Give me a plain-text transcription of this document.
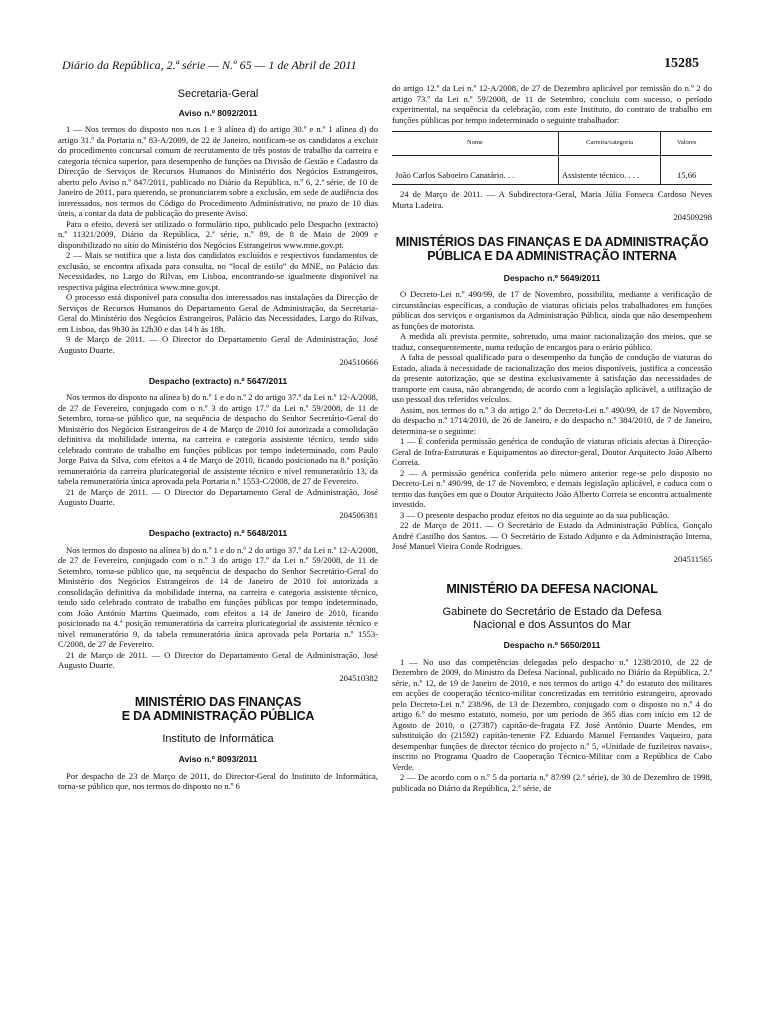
Diário da República, 2.ª série — N.º 65 — 1 de Abril de 2011	15285
Secretaria-Geral
Aviso n.º 8092/2011

1 — Nos termos do disposto nos n.os 1 e 3 alínea d) do artigo 30.º e n.º 1 alínea d) do artigo 31.º da Portaria n.º 83-A/2009, de 22 de Janeiro, notificam-se os candidatos a excluir do procedimento concursal comum de recrutamento de três postos de trabalho da carreira e categoria técnica superior, para desempenho de funções na Divisão de Gestão e Cadastro da Direcção de Serviços de Recursos Humanos do Ministério dos Negócios Estrangeiros, aberto pelo Aviso n.º 847/2011, publicado no Diário da República, n.º 6, 2.ª série, de 10 de Janeiro de 2011, para querendo, se pronunciarem sobre a exclusão, em sede de audiência dos interessados, nos termos do Código do Procedimento Administrativo, no prazo de 10 dias úteis, a contar da data de publicação do presente Aviso.

Para o efeito, deverá ser utilizado o formulário tipo, publicado pelo Despacho (extracto) n.º 11321/2009, Diário da República, 2.ª série, n.º 89, de 8 de Maio de 2009 e disponibilizado no sítio do Ministério dos Negócios Estrangeiros www.mne.gov.pt.

2 — Mais se notifica que a lista dos candidatos excluídos e respectivos fundamentos de exclusão, se encontra afixada para consulta, no “local de estilo” do MNE, no Palácio das Necessidades, no Largo do Rilvas, em Lisboa, encontrando-se igualmente disponível na respectiva página electrónica www.mne.gov.pt.

O processo está disponível para consulta dos interessados nas instalações da Direcção de Serviços de Recursos Humanos do Departamento Geral de Administração, da Secretaria-Geral do Ministério dos Negócios Estrangeiros, Palácio das Necessidades, Largo do Rilvas, em Lisboa, das 9h30 às 12h30 e das 14 h às 18h.

9 de Março de 2011. — O Director do Departamento Geral de Administração, José Augusto Duarte.

204510666
Despacho (extracto) n.º 5647/2011

Nos termos do disposto na alínea b) do n.º 1 e do n.º 2 do artigo 37.º da Lei n.º 12-A/2008, de 27 de Fevereiro, conjugado com o n.º 3 do artigo 17.º da Lei n.º 59/2008, de 11 de Setembro, torna-se público que, na sequência de despacho do Senhor Secretário-Geral do Ministério dos Negócios Estrangeiros de 4 de Março de 2010 foi autorizada a consolidação definitiva da mobilidade interna, na carreira e categoria assistente técnico, tendo sido celebrado contrato de trabalho em funções públicas por tempo indeterminado, com Paulo Jorge Paiva da Silva, com efeitos a 4 de Março de 2010, ficando posicionado na 8.ª posição remuneratória da carreira pluricategorial de assistente técnico e nível remuneratório 13, da tabela remuneratória única aprovada pela Portaria n.º 1553-C/2008, de 27 de Fevereiro.

21 de Março de 2011. — O Director do Departamento Geral de Administração, José Augusto Duarte.

204506381
Despacho (extracto) n.º 5648/2011

Nos termos do disposto na alínea b) do n.º 1 e do n.º 2 do artigo 37.º da Lei n.º 12-A/2008, de 27 de Fevereiro, conjugado com o n.º 3 do artigo 17.º da Lei n.º 59/2008, de 11 de Setembro, torna-se público que, na sequência de despacho do Senhor Secretário-Geral do Ministério dos Negócios Estrangeiros de 14 de Janeiro de 2010 foi autorizada a consolidação definitiva da mobilidade interna, na carreira e categoria assistente técnico, tendo sido celebrado contrato de trabalho em funções públicas por tempo indeterminado, com João António Martins Queimado, com efeitos a 14 de Janeiro de 2010, ficando posicionado na 4.ª posição remuneratória da carreira pluricategorial de assistente técnico e nível remuneratório 9, da tabela remuneratória única aprovada pela Portaria n.º 1553-C/2008, de 27 de Fevereiro.

21 de Março de 2011. — O Director do Departamento Geral de Administração, José Augusto Duarte.

204510382
MINISTÉRIO DAS FINANÇAS
E DA ADMINISTRAÇÃO PÚBLICA
Instituto de Informática
Aviso n.º 8093/2011

Por despacho de 23 de Março de 2011, do Director-Geral do Instituto de Informática, torna-se público que, nos termos do disposto no n.º 6

do artigo 12.º da Lei n.º 12-A/2008, de 27 de Dezembro aplicável por remissão do n.º 2 do artigo 73.º da Lei n.º 59/2008, de 11 de Setembro, concluiu com sucesso, o período experimental, na sequência da celebração, com este Instituto, do contrato de trabalho em funções públicas por tempo indeterminado o seguinte trabalhador:

Nome	Carreira/categoria	Valores
João Carlos Saboeiro Canatário. . .	Assistente técnico. . . .	15,66

24 de Março de 2011. — A Subdirectora-Geral, Maria Júlia Fonseca Cardoso Neves Murta Ladeira.

204509298
MINISTÉRIOS DAS FINANÇAS E DA ADMINISTRAÇÃO PÚBLICA E DA ADMINISTRAÇÃO INTERNA
Despacho n.º 5649/2011

O Decreto-Lei n.º 490/99, de 17 de Novembro, possibilita, mediante a verificação de circunstâncias específicas, a condução de viaturas oficiais pelos trabalhadores em funções públicas dos serviços e organismos da Administração Pública, ainda que não desempenhem as funções de motorista.

A medida ali prevista permite, sobretudo, uma maior racionalização dos meios, que se traduz, consequentemente, numa redução de encargos para o erário público.

A falta de pessoal qualificado para o desempenho da função de condução de viaturas do Estado, aliada à necessidade de racionalização dos meios disponíveis, justifica a concessão da presente autorização, que se destina exclusivamente à satisfação das necessidades de transporte em causa, não abrangendo, de acordo com a legislação aplicável, a utilização de uso pessoal dos referidos veículos.

Assim, nos termos do n.º 3 do artigo 2.º do Decreto-Lei n.º 490/99, de 17 de Novembro, do despacho n.º 1714/2010, de 26 de Janeiro, e do despacho n.º 384/2010, de 7 de Janeiro, determina-se o seguinte:

1 — É conferida permissão genérica de condução de viaturas oficiais afectas à Direcção-Geral de Infra-Estruturas e Equipamentos ao director-geral, Doutor Arquitecto João Alberto Correia.

2 — A permissão genérica conferida pelo número anterior rege-se pelo disposto no Decreto-Lei n.º 490/99, de 17 de Novembro, e demais legislação aplicável, e caduca com o termo das funções em que o Doutor Arquitecto João Alberto Correia se encontra actualmente investido.

3 — O presente despacho produz efeitos no dia seguinte ao da sua publicação.

22 de Março de 2011. — O Secretário de Estado da Administração Pública, Gonçalo André Castilho dos Santos. — O Secretário de Estado Adjunto e da Administração Interna, José Manuel Vieira Conde Rodrigues.

204511565
MINISTÉRIO DA DEFESA NACIONAL
Gabinete do Secretário de Estado da Defesa
Nacional e dos Assuntos do Mar
Despacho n.º 5650/2011

1 — No uso das competências delegadas pelo despacho n.º 1238/2010, de 22 de Dezembro de 2009, do Ministro da Defesa Nacional, publicado no Diário da República, 2.ª série, n.º 12, de 19 de Janeiro de 2010, e nos termos do artigo 4.º do estatuto dos militares em acções de cooperação técnico-militar concretizadas em território estrangeiro, aprovado pelo Decreto-Lei n.º 238/96, de 13 de Dezembro, conjugado com o disposto no n.º 4 do artigo 6.º do mesmo estatuto, nomeio, por um período de 365 dias com início em 12 de Agosto de 2010, o (27387) capitão-de-fragata FZ José António Duarte Mendes, em substituição do (21592) capitão-tenente FZ Eduardo Manuel Fernandes Vaqueiro, para desempenhar funções de director técnico do projecto n.º 5, «Unidade de fuzileiros navais», inscrito no Programa Quadro de Cooperação Técnico-Militar com a República de Cabo Verde.

2 — De acordo com o n.º 5 da portaria n.º 87/99 (2.ª série), de 30 de Dezembro de 1998, publicada no Diário da República, 2.ª série, de
